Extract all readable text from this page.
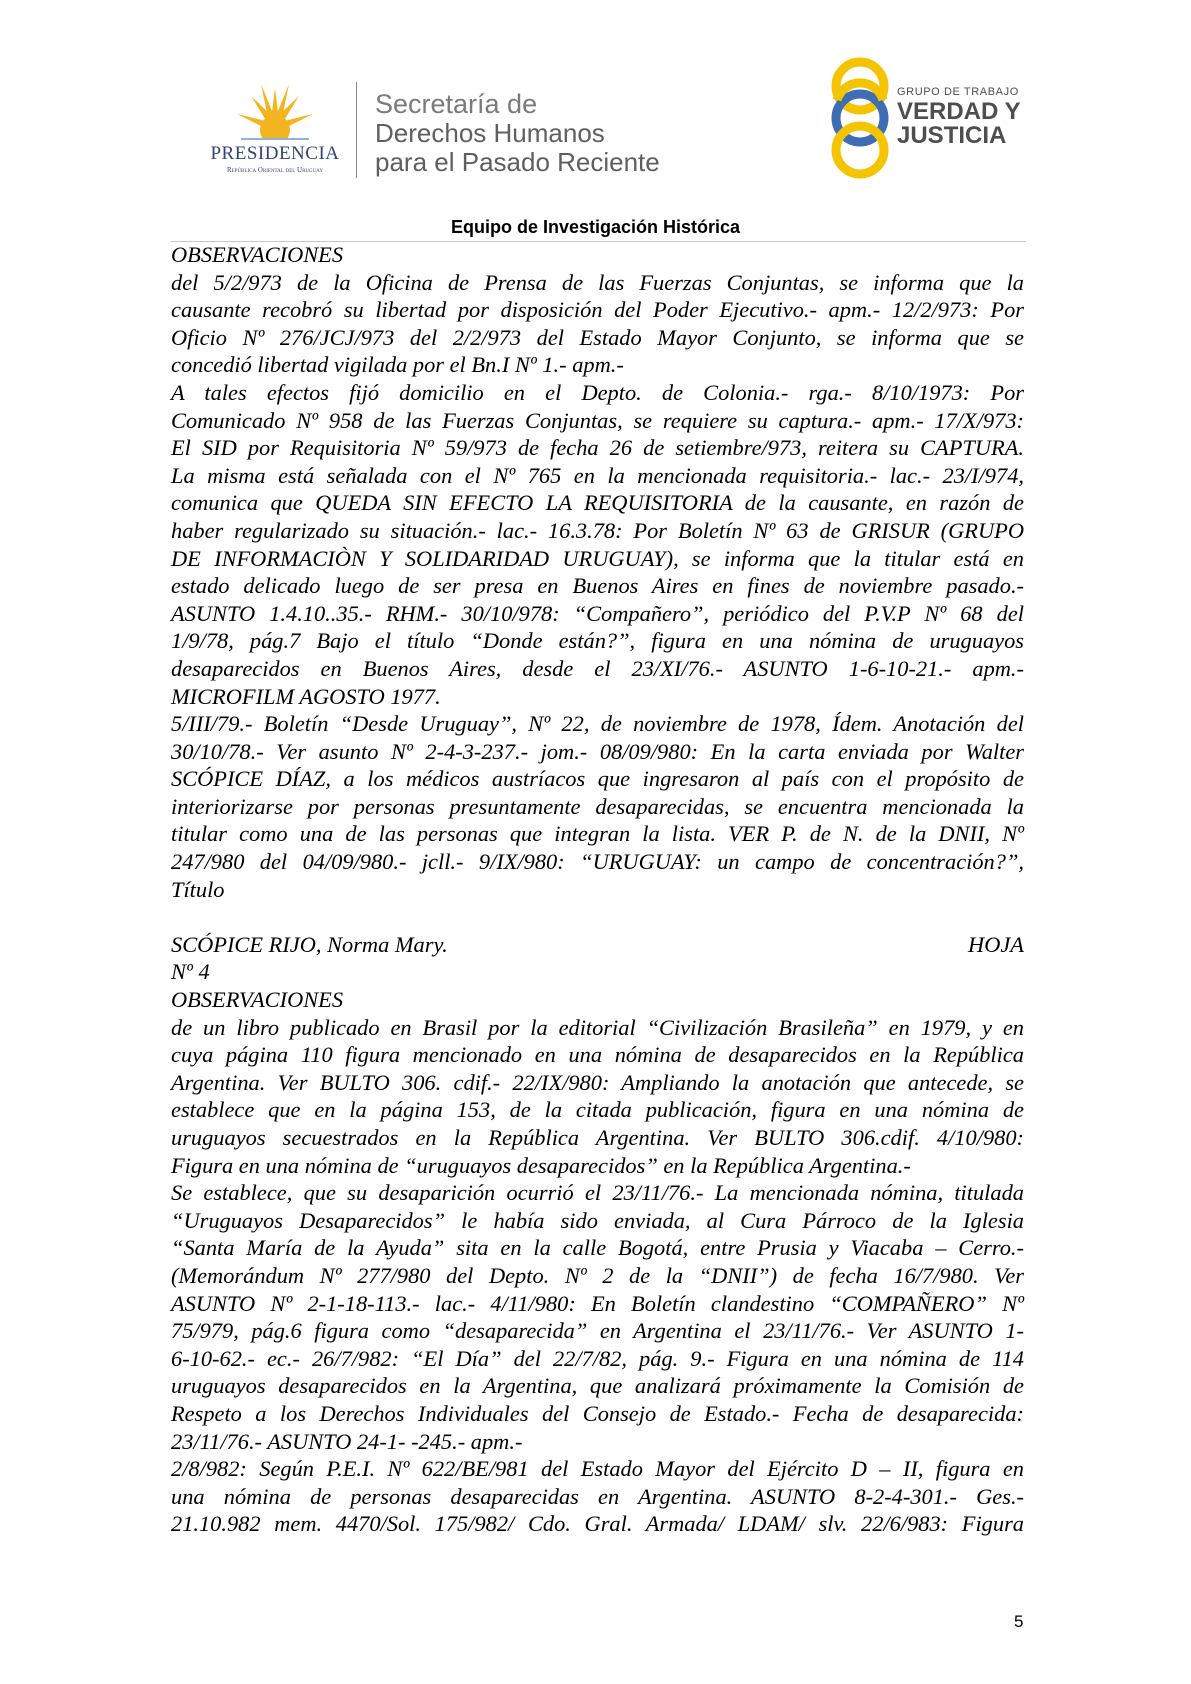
PRESIDENCIA
República Oriental del Uruguay
Secretaría de
Derechos Humanos
para el Pasado Reciente
GRUPO DE TRABAJO
VERDAD Y
JUSTICIA
Equipo de Investigación Histórica

OBSERVACIONES

del 5/2/973 de la Oficina de Prensa de las Fuerzas Conjuntas, se informa que la

causante recobró su libertad por disposición del Poder Ejecutivo.- apm.- 12/2/973: Por

Oficio Nº 276/JCJ/973 del 2/2/973 del Estado Mayor Conjunto, se informa que se

concedió libertad vigilada por el Bn.I Nº 1.- apm.-

A tales efectos fijó domicilio en el Depto. de Colonia.- rga.- 8/10/1973: Por

Comunicado Nº 958 de las Fuerzas Conjuntas, se requiere su captura.- apm.- 17/X/973:

El SID por Requisitoria Nº 59/973 de fecha 26 de setiembre/973, reitera su CAPTURA.

La misma está señalada con el Nº 765 en la mencionada requisitoria.- lac.- 23/I/974,

comunica que QUEDA SIN EFECTO LA REQUISITORIA de la causante, en razón de

haber regularizado su situación.- lac.- 16.3.78: Por Boletín Nº 63 de GRISUR (GRUPO

DE INFORMACIÒN Y SOLIDARIDAD URUGUAY), se informa que la titular está en

estado delicado luego de ser presa en Buenos Aires en fines de noviembre pasado.-

ASUNTO 1.4.10..35.- RHM.- 30/10/978: “Compañero”, periódico del P.V.P Nº 68 del

1/9/78, pág.7 Bajo el título “Donde están?”, figura en una nómina de uruguayos

desaparecidos en Buenos Aires, desde el 23/XI/76.- ASUNTO 1-6-10-21.- apm.-

MICROFILM AGOSTO 1977.

5/III/79.- Boletín “Desde Uruguay”, Nº 22, de noviembre de 1978, Ídem. Anotación del

30/10/78.- Ver asunto Nº 2-4-3-237.- jom.- 08/09/980: En la carta enviada por Walter

SCÓPICE DÍAZ, a los médicos austríacos que ingresaron al país con el propósito de

interiorizarse por personas presuntamente desaparecidas, se encuentra mencionada la

titular como una de las personas que integran la lista. VER P. de N. de la DNII, Nº

247/980 del 04/09/980.- jcll.- 9/IX/980: “URUGUAY: un campo de concentración?”,

Título

SCÓPICE RIJO, Norma Mary.	HOJA

Nº 4

OBSERVACIONES

de un libro publicado en Brasil por la editorial “Civilización Brasileña” en 1979, y en

cuya página 110 figura mencionado en una nómina de desaparecidos en la República

Argentina. Ver BULTO 306. cdif.- 22/IX/980: Ampliando la anotación que antecede, se

establece que en la página 153, de la citada publicación, figura en una nómina de

uruguayos secuestrados en la República Argentina. Ver BULTO 306.cdif. 4/10/980:

Figura en una nómina de “uruguayos desaparecidos” en la República Argentina.-

Se establece, que su desaparición ocurrió el 23/11/76.- La mencionada nómina, titulada

“Uruguayos Desaparecidos” le había sido enviada, al Cura Párroco de la Iglesia

“Santa María de la Ayuda” sita en la calle Bogotá, entre Prusia y Viacaba – Cerro.-

(Memorándum Nº 277/980 del Depto. Nº 2 de la “DNII”) de fecha 16/7/980. Ver

ASUNTO Nº 2-1-18-113.- lac.- 4/11/980: En Boletín clandestino “COMPAÑERO” Nº

75/979, pág.6 figura como “desaparecida” en Argentina el 23/11/76.- Ver ASUNTO 1-

6-10-62.- ec.- 26/7/982: “El Día” del 22/7/82, pág. 9.- Figura en una nómina de 114

uruguayos desaparecidos en la Argentina, que analizará próximamente la Comisión de

Respeto a los Derechos Individuales del Consejo de Estado.- Fecha de desaparecida:

23/11/76.- ASUNTO 24-1- -245.- apm.-

2/8/982: Según P.E.I. Nº 622/BE/981 del Estado Mayor del Ejército D – II, figura en

una nómina de personas desaparecidas en Argentina. ASUNTO 8-2-4-301.- Ges.-

21.10.982 mem. 4470/Sol. 175/982/ Cdo. Gral. Armada/ LDAM/ slv. 22/6/983: Figura

5
